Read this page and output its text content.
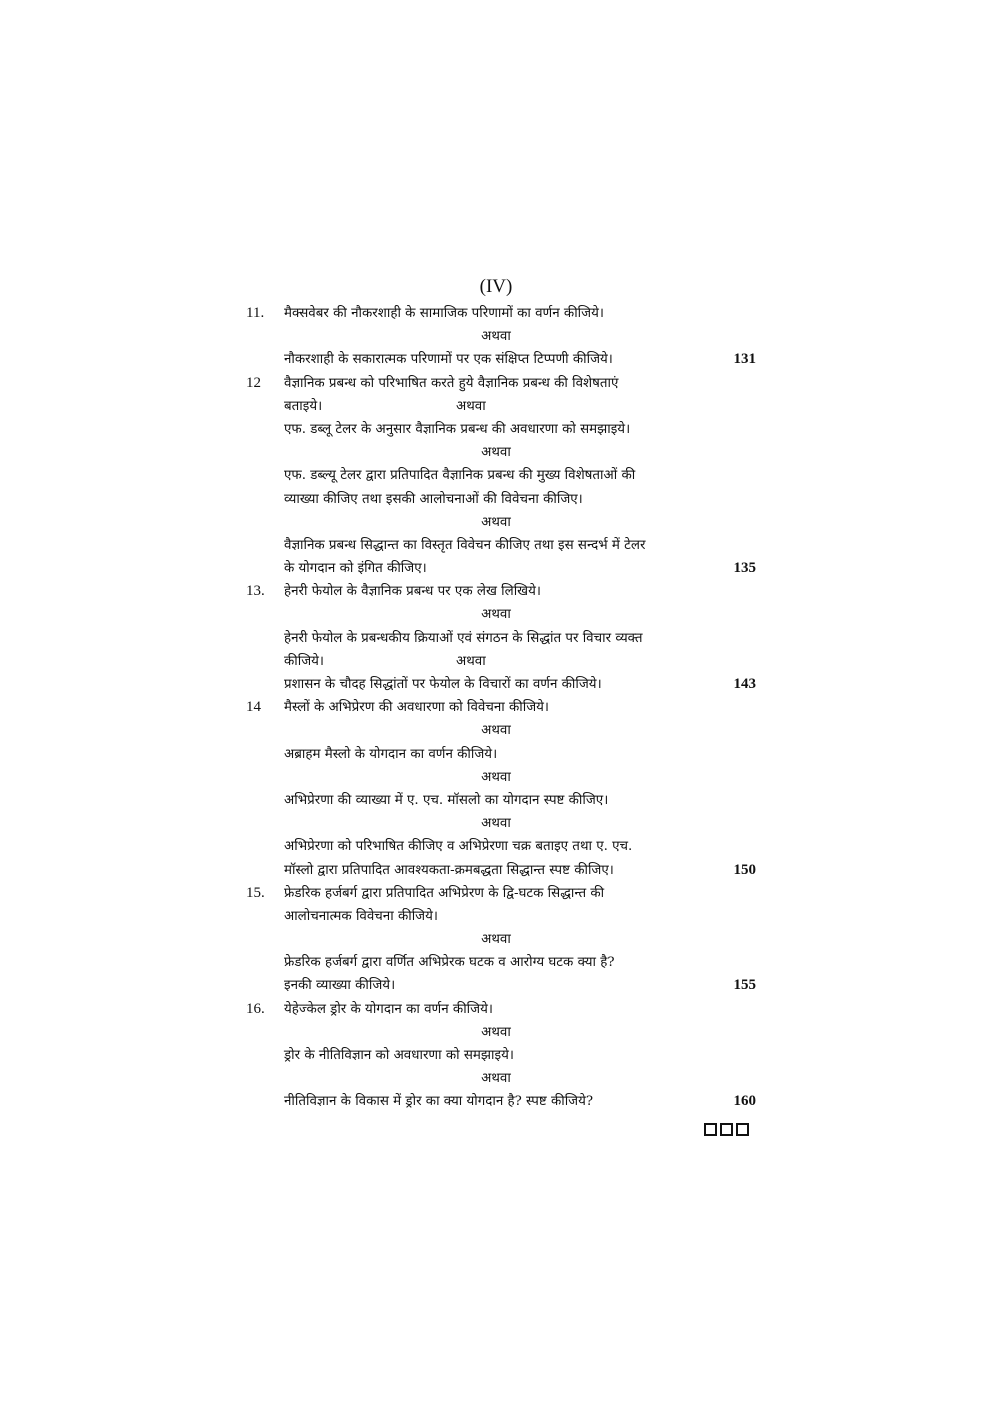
(IV)
11. मैक्सवेबर की नौकरशाही के सामाजिक परिणामों का वर्णन कीजिये।
अथवा
नौकरशाही के सकारात्मक परिणामों पर एक संक्षिप्त टिप्पणी कीजिये।	131
12 वैज्ञानिक प्रबन्ध को परिभाषित करते हुये वैज्ञानिक प्रबन्ध की विशेषताएं
बताइये।	अथवा
एफ. डब्लू टेलर के अनुसार वैज्ञानिक प्रबन्ध की अवधारणा को समझाइये।
अथवा
एफ. डब्ल्यू टेलर द्वारा प्रतिपादित वैज्ञानिक प्रबन्ध की मुख्य विशेषताओं की
व्याख्या कीजिए तथा इसकी आलोचनाओं की विवेचना कीजिए।
अथवा
वैज्ञानिक प्रबन्ध सिद्धान्त का विस्तृत विवेचन कीजिए तथा इस सन्दर्भ में टेलर
के योगदान को इंगित कीजिए।	135
13. हेनरी फेयोल के वैज्ञानिक प्रबन्ध पर एक लेख लिखिये।
अथवा
हेनरी फेयोल के प्रबन्धकीय क्रियाओं एवं संगठन के सिद्धांत पर विचार व्यक्त
कीजिये।	अथवा
प्रशासन के चौदह सिद्धांतों पर फेयोल के विचारों का वर्णन कीजिये।	143
14 मैस्लों के अभिप्रेरण की अवधारणा को विवेचना कीजिये।
अथवा
अब्राहम मैस्लो के योगदान का वर्णन कीजिये।
अथवा
अभिप्रेरणा की व्याख्या में ए. एच. मॉसलो का योगदान स्पष्ट कीजिए।
अथवा
अभिप्रेरणा को परिभाषित कीजिए व अभिप्रेरणा चक्र बताइए तथा ए. एच.
मॉस्लो द्वारा प्रतिपादित आवश्यकता-क्रमबद्धता सिद्धान्त स्पष्ट कीजिए।	150
15. फ्रेडरिक हर्जबर्ग द्वारा प्रतिपादित अभिप्रेरण के द्वि-घटक सिद्धान्त की
आलोचनात्मक विवेचना कीजिये।
अथवा
फ्रेडरिक हर्जबर्ग द्वारा वर्णित अभिप्रेरक घटक व आरोग्य घटक क्या है?
इनकी व्याख्या कीजिये।	155
16. येहेज्केल ड्रोर के योगदान का वर्णन कीजिये।
अथवा
ड्रोर के नीतिविज्ञान को अवधारणा को समझाइये।
अथवा
नीतिविज्ञान के विकास में ड्रोर का क्या योगदान है? स्पष्ट कीजिये?	160
